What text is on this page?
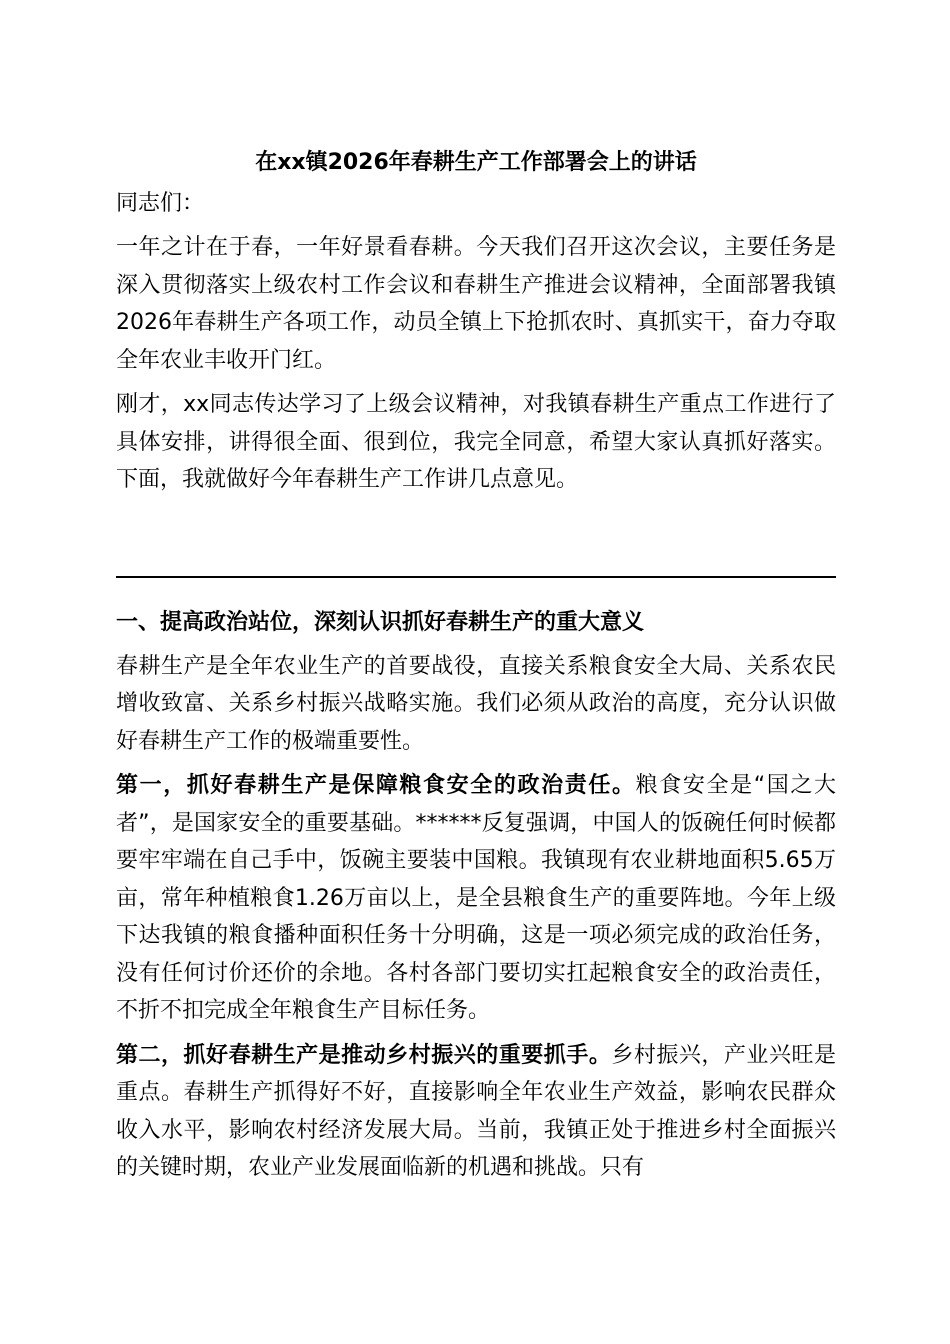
在xx镇2026年春耕生产工作部署会上的讲话
同志们：

一年之计在于春，一年好景看春耕。今天我们召开这次会议，主要任务是深入贯彻落实上级农村工作会议和春耕生产推进会议精神，全面部署我镇2026年春耕生产各项工作，动员全镇上下抢抓农时、真抓实干，奋力夺取全年农业丰收开门红。

刚才，xx同志传达学习了上级会议精神，对我镇春耕生产重点工作进行了具体安排，讲得很全面、很到位，我完全同意，希望大家认真抓好落实。下面，我就做好今年春耕生产工作讲几点意见。

一、提高政治站位，深刻认识抓好春耕生产的重大意义

春耕生产是全年农业生产的首要战役，直接关系粮食安全大局、关系农民增收致富、关系乡村振兴战略实施。我们必须从政治的高度，充分认识做好春耕生产工作的极端重要性。

第一，抓好春耕生产是保障粮食安全的政治责任。粮食安全是“国之大者”，是国家安全的重要基础。******反复强调，中国人的饭碗任何时候都要牢牢端在自己手中，饭碗主要装中国粮。我镇现有农业耕地面积5.65万亩，常年种植粮食1.26万亩以上，是全县粮食生产的重要阵地。今年上级下达我镇的粮食播种面积任务十分明确，这是一项必须完成的政治任务，没有任何讨价还价的余地。各村各部门要切实扛起粮食安全的政治责任，不折不扣完成全年粮食生产目标任务。

第二，抓好春耕生产是推动乡村振兴的重要抓手。乡村振兴，产业兴旺是重点。春耕生产抓得好不好，直接影响全年农业生产效益，影响农民群众收入水平，影响农村经济发展大局。当前，我镇正处于推进乡村全面振兴的关键时期，农业产业发展面临新的机遇和挑战。只有
